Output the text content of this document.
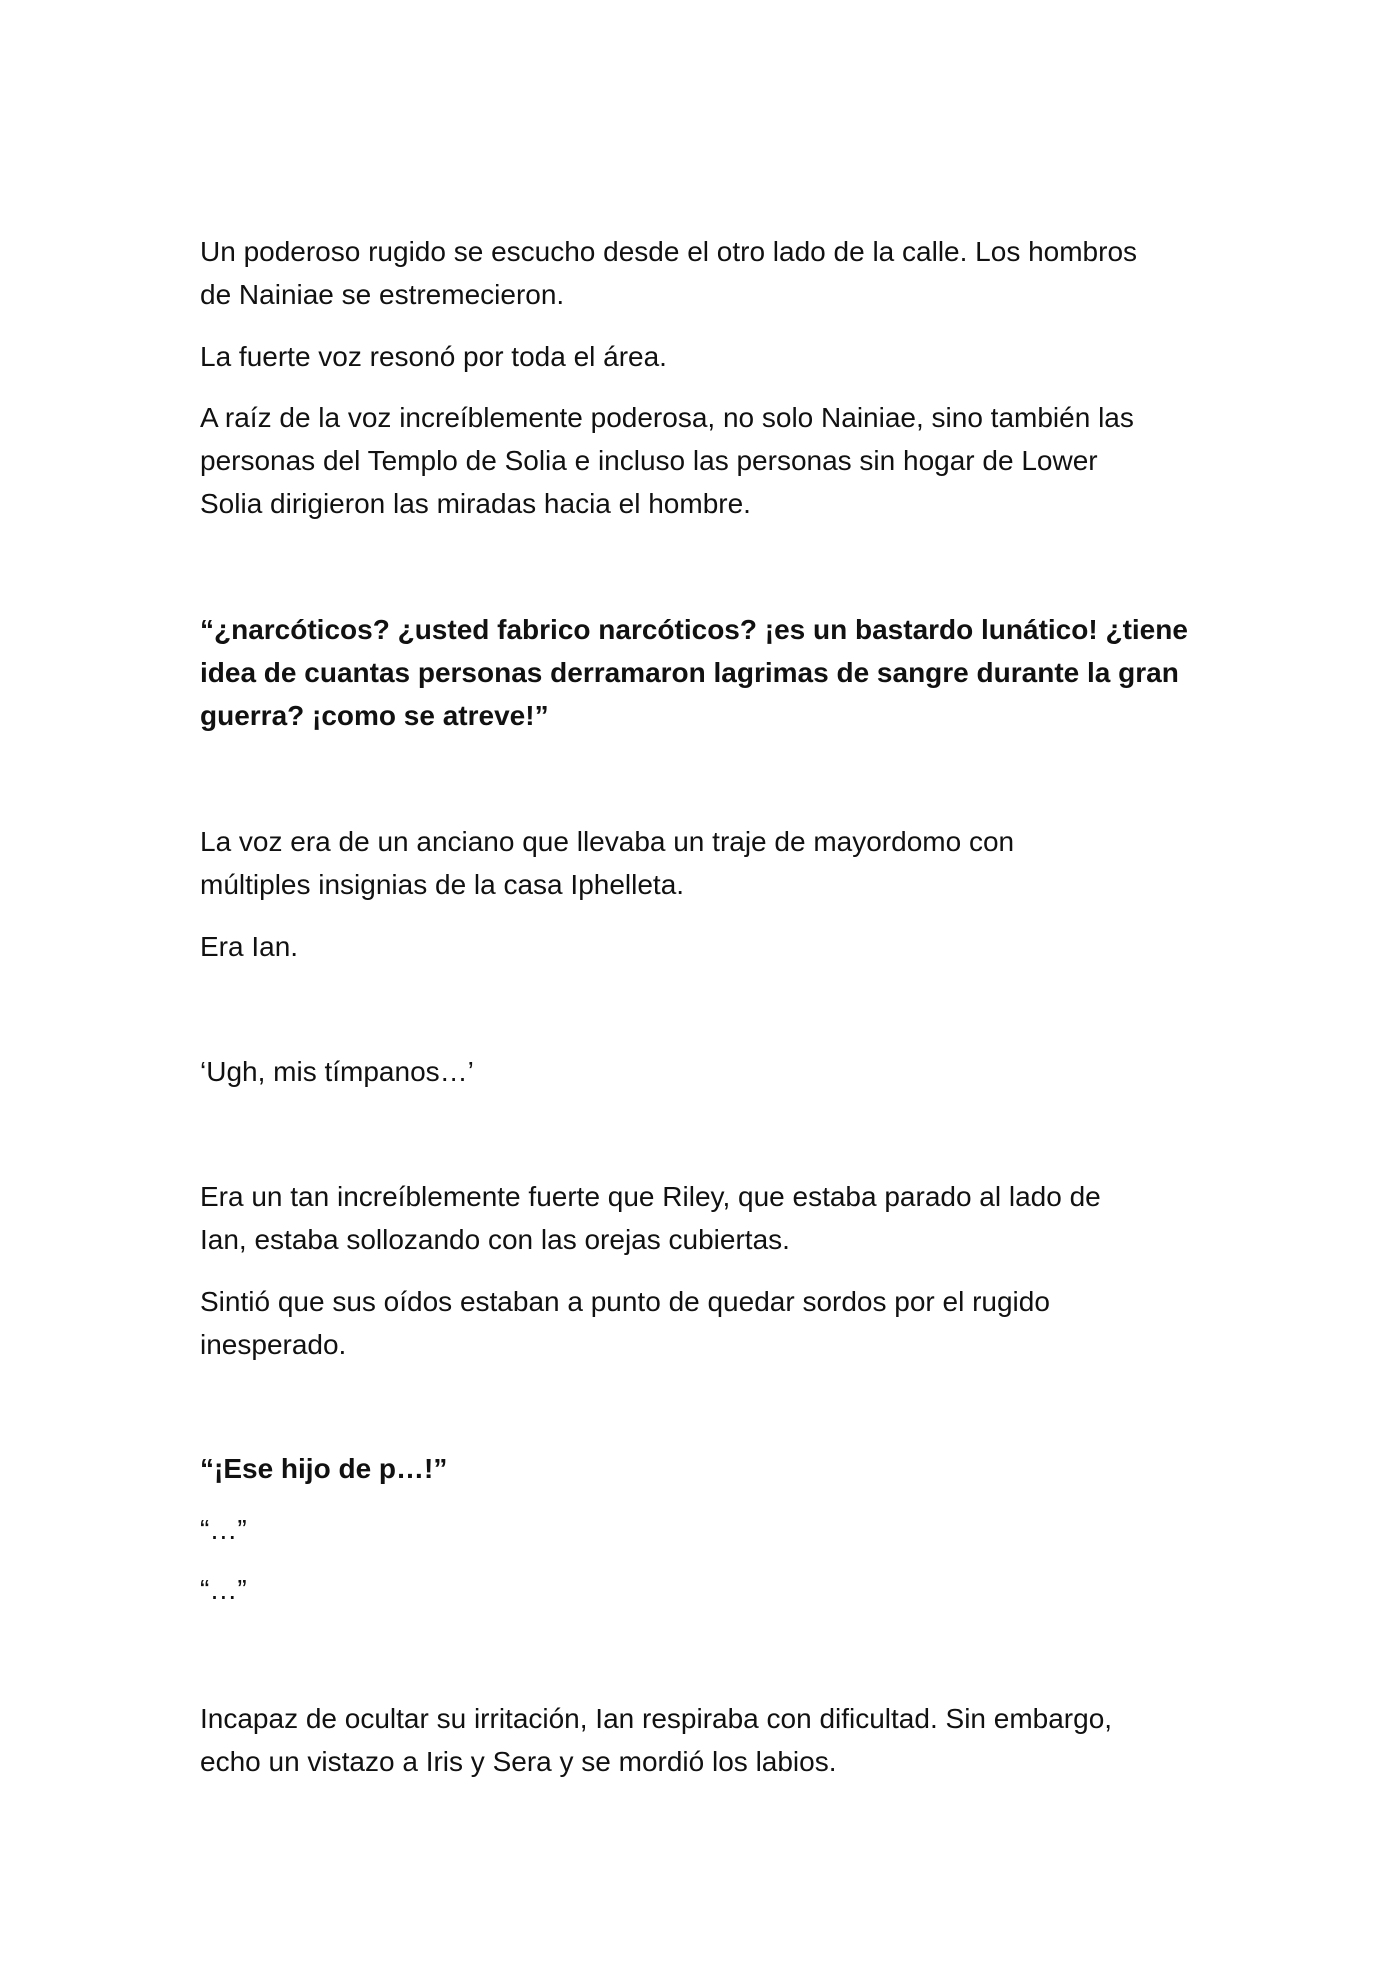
Un poderoso rugido se escucho desde el otro lado de la calle. Los hombros
de Nainiae se estremecieron.

La fuerte voz resonó por toda el área.

A raíz de la voz increíblemente poderosa, no solo Nainiae, sino también las
personas del Templo de Solia e incluso las personas sin hogar de Lower
Solia dirigieron las miradas hacia el hombre.

“¿narcóticos? ¿usted fabrico narcóticos? ¡es un bastardo lunático! ¿tiene
idea de cuantas personas derramaron lagrimas de sangre durante la gran
guerra? ¡como se atreve!”

La voz era de un anciano que llevaba un traje de mayordomo con
múltiples insignias de la casa Iphelleta.

Era Ian.

‘Ugh, mis tímpanos…’

Era un tan increíblemente fuerte que Riley, que estaba parado al lado de
Ian, estaba sollozando con las orejas cubiertas.

Sintió que sus oídos estaban a punto de quedar sordos por el rugido
inesperado.

“¡Ese hijo de p…!”

“…”

“…”

Incapaz de ocultar su irritación, Ian respiraba con dificultad. Sin embargo,
echo un vistazo a Iris y Sera y se mordió los labios.
